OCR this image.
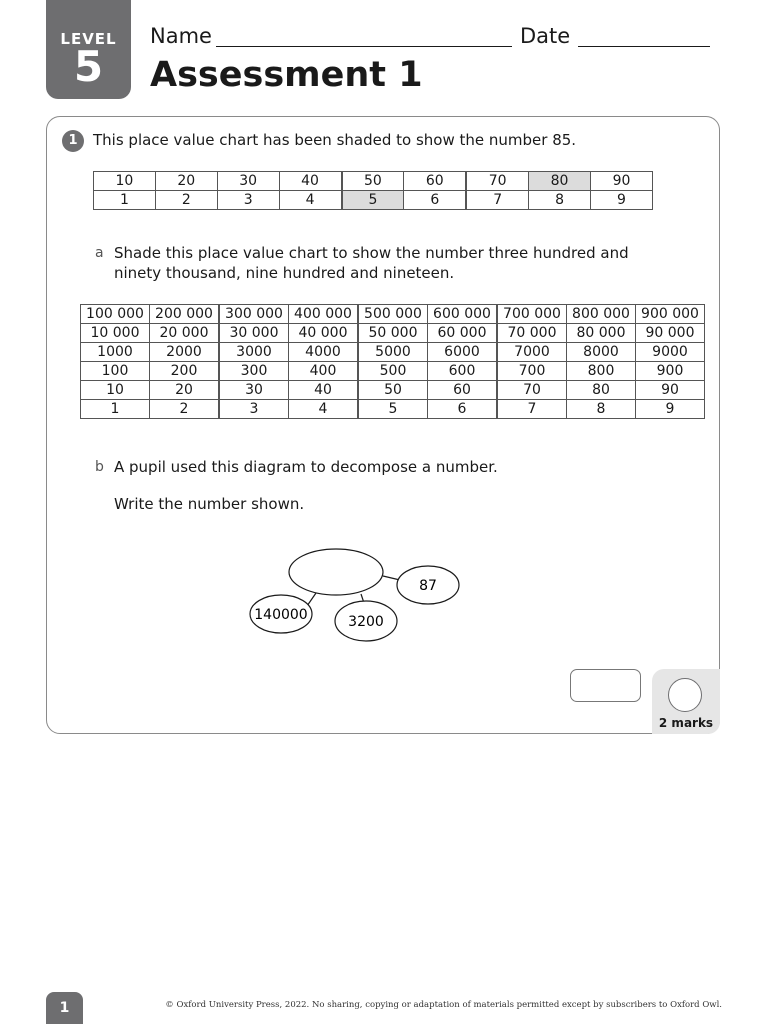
LEVEL
5
Name	Date
Assessment 1
1	This place value chart has been shaded to show the number 85.
10	20	30	40	50	60	70	80	90
1	2	3	4	5	6	7	8	9
a Shade this place value chart to show the number three hundred and ninety thousand, nine hundred and nineteen.
100 000	200 000	300 000	400 000	500 000	600 000	700 000	800 000	900 000
10 000	20 000	30 000	40 000	50 000	60 000	70 000	80 000	90 000
1000	2000	3000	4000	5000	6000	7000	8000	9000
100	200	300	400	500	600	700	800	900
10	20	30	40	50	60	70	80	90
1	2	3	4	5	6	7	8	9
b A pupil used this diagram to decompose a number.
Write the number shown.
87
140000	3200
2 marks
1	© Oxford University Press, 2022. No sharing, copying or adaptation of materials permitted except by subscribers to Oxford Owl.
